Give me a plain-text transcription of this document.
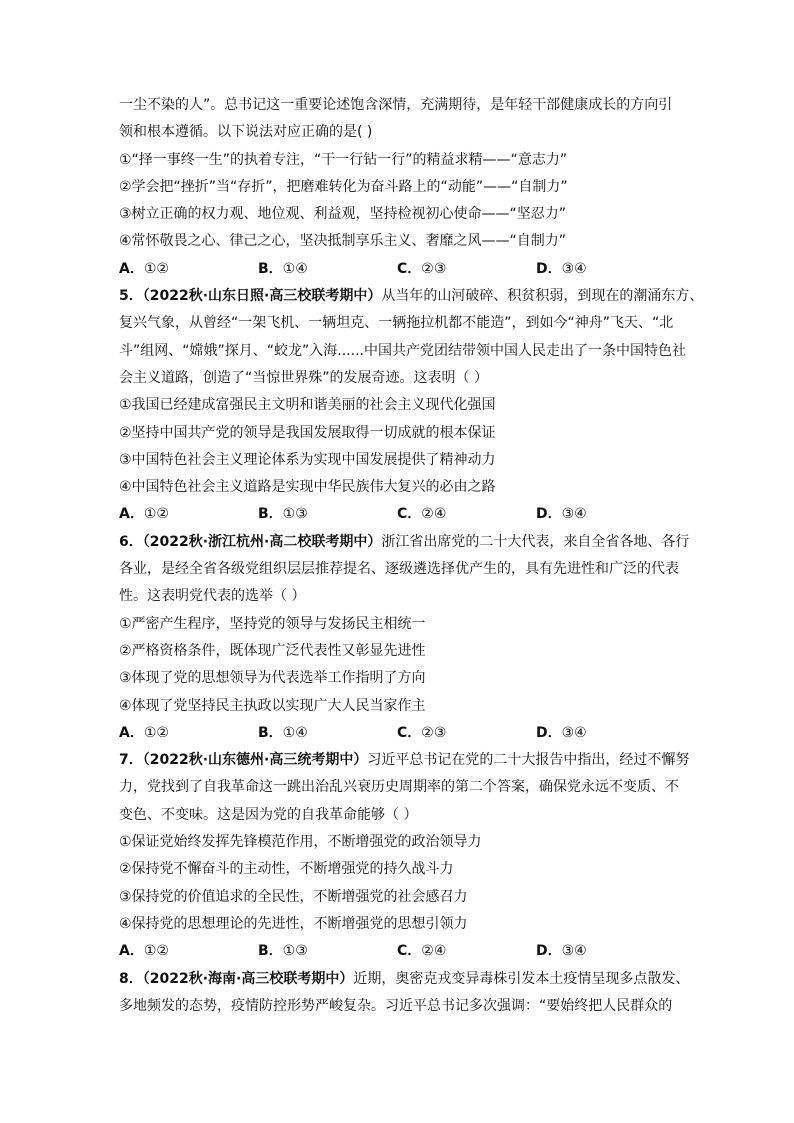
一尘不染的人”。总书记这一重要论述饱含深情，充满期待，是年轻干部健康成长的方向引
领和根本遵循。以下说法对应正确的是( )
①“择一事终一生”的执着专注，“干一行钻一行”的精益求精——“意志力”
②学会把“挫折”当“存折”，把磨难转化为奋斗路上的“动能”——“自制力”
③树立正确的权力观、地位观、利益观，坚持检视初心使命——“坚忍力”
④常怀敬畏之心、律己之心，坚决抵制享乐主义、奢靡之风——“自制力”
A．①②	B．①④	C．②③	D．③④
5．（2022秋·山东日照·高三校联考期中）从当年的山河破碎、积贫积弱，到现在的潮涌东方、
复兴气象，从曾经“一架飞机、一辆坦克、一辆拖拉机都不能造”，到如今“神舟”飞天、“北
斗”组网、“嫦娥”探月、“蛟龙”入海......中国共产党团结带领中国人民走出了一条中国特色社
会主义道路，创造了“当惊世界殊”的发展奇迹。这表明（ ）
①我国已经建成富强民主文明和谐美丽的社会主义现代化强国
②坚持中国共产党的领导是我国发展取得一切成就的根本保证
③中国特色社会主义理论体系为实现中国发展提供了精神动力
④中国特色社会主义道路是实现中华民族伟大复兴的必由之路
A．①②	B．①③	C．②④	D．③④
6．（2022秋·浙江杭州·高二校联考期中）浙江省出席党的二十大代表，来自全省各地、各行
各业，是经全省各级党组织层层推荐提名、逐级遴选择优产生的，具有先进性和广泛的代表
性。这表明党代表的选举（ ）
①严密产生程序，坚持党的领导与发扬民主相统一
②严格资格条件，既体现广泛代表性又彰显先进性
③体现了党的思想领导为代表选举工作指明了方向
④体现了党坚持民主执政以实现广大人民当家作主
A．①②	B．①④	C．②③	D．③④
7．（2022秋·山东德州·高三统考期中）习近平总书记在党的二十大报告中指出，经过不懈努
力，党找到了自我革命这一跳出治乱兴衰历史周期率的第二个答案，确保党永远不变质、不
变色、不变味。这是因为党的自我革命能够（ ）
①保证党始终发挥先锋模范作用，不断增强党的政治领导力
②保持党不懈奋斗的主动性，不断增强党的持久战斗力
③保持党的价值追求的全民性，不断增强党的社会感召力
④保持党的思想理论的先进性，不断增强党的思想引领力
A．①②	B．①③	C．②④	D．③④
8．（2022秋·海南·高三校联考期中）近期，奥密克戎变异毒株引发本土疫情呈现多点散发、
多地频发的态势，疫情防控形势严峻复杂。习近平总书记多次强调：“要始终把人民群众的
